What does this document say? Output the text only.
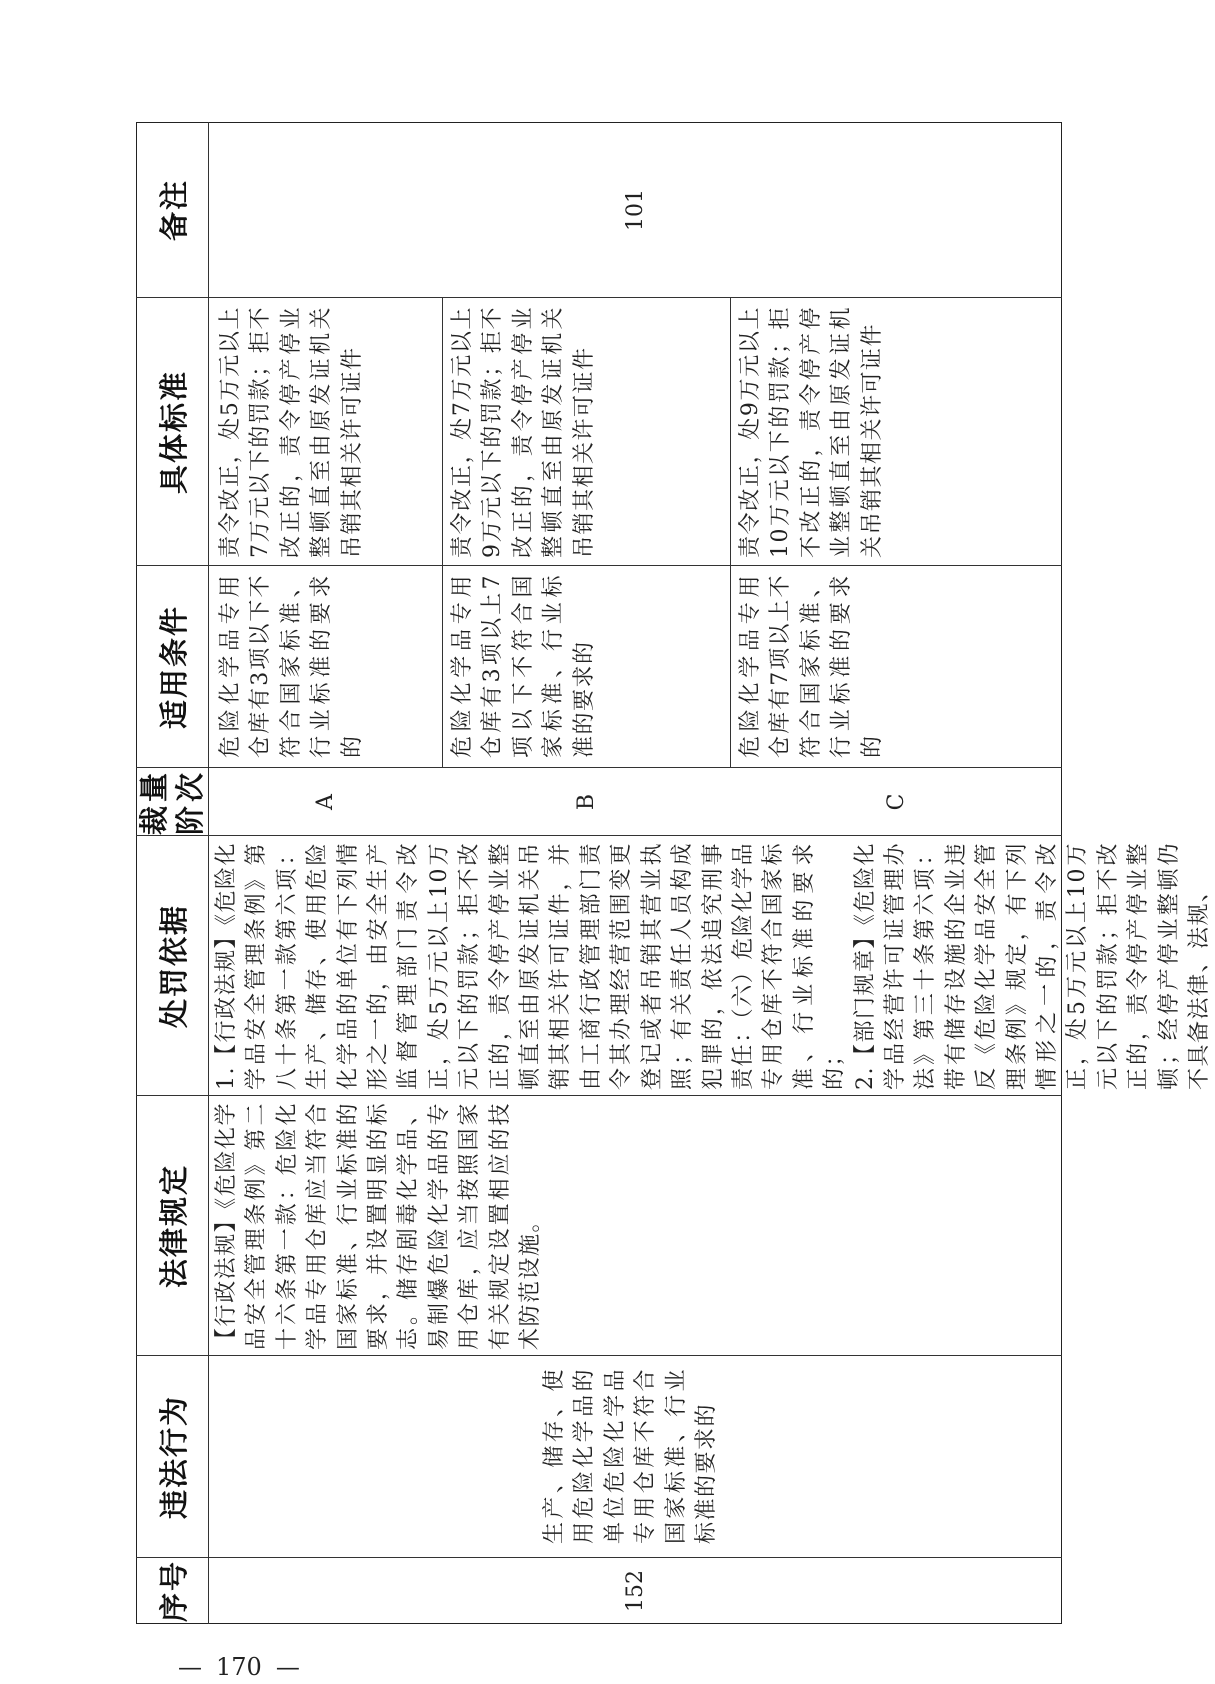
— 170 —
序号
违法行为
法律规定
处罚依据
裁量 阶次
适用条件
具体标准
备注
152
生产、储存、使用危险化学品的单位危险化学品专用仓库不符合国家标准、行业标准的要求的
【行政法规】《危险化学品安全管理条例》第二十六条第一款：危险化学品专用仓库应当符合国家标准、行业标准的要求，并设置明显的标志。储存剧毒化学品、易制爆危险化学品的专用仓库，应当按照国家有关规定设置相应的技术防范设施。

1.【行政法规】《危险化学品安全管理条例》第八十条第一款第六项：生产、储存、使用危险化学品的单位有下列情形之一的，由安全生产监督管理部门责令改正，处5万元以上10万元以下的罚款；拒不改正的，责令停产停业整顿直至由原发证机关吊销其相关许可证件，并由工商行政管理部门责令其办理经营范围变更登记或者吊销其营业执照；有关责任人员构成犯罪的，依法追究刑事责任：（六）危险化学品专用仓库不符合国家标准、行业标准的要求的； 2.【部门规章】《危险化学品经营许可证管理办法》第三十条第六项：带有储存设施的企业违反《危险化学品安全管理条例》规定，有下列情形之一的，责令改正，处5万元以上10万元以下的罚款；拒不改正的，责令停产停业整顿；经停产停业整顿仍不具备法律、法规、

A
危险化学品专用仓库有3项以下不符合国家标准、行业标准的要求的
责令改正，处5万元以上7万元以下的罚款；拒不改正的，责令停产停业整顿直至由原发证机关吊销其相关许可证件
B
危险化学品专用仓库有3项以上7项以下不符合国家标准、行业标准的要求的
责令改正，处7万元以上9万元以下的罚款；拒不改正的，责令停产停业整顿直至由原发证机关吊销其相关许可证件
C
危险化学品专用仓库有7项以上不符合国家标准、行业标准的要求的
责令改正，处9万元以上10万元以下的罚款；拒不改正的，责令停产停业整顿直至由原发证机关吊销其相关许可证件
101
